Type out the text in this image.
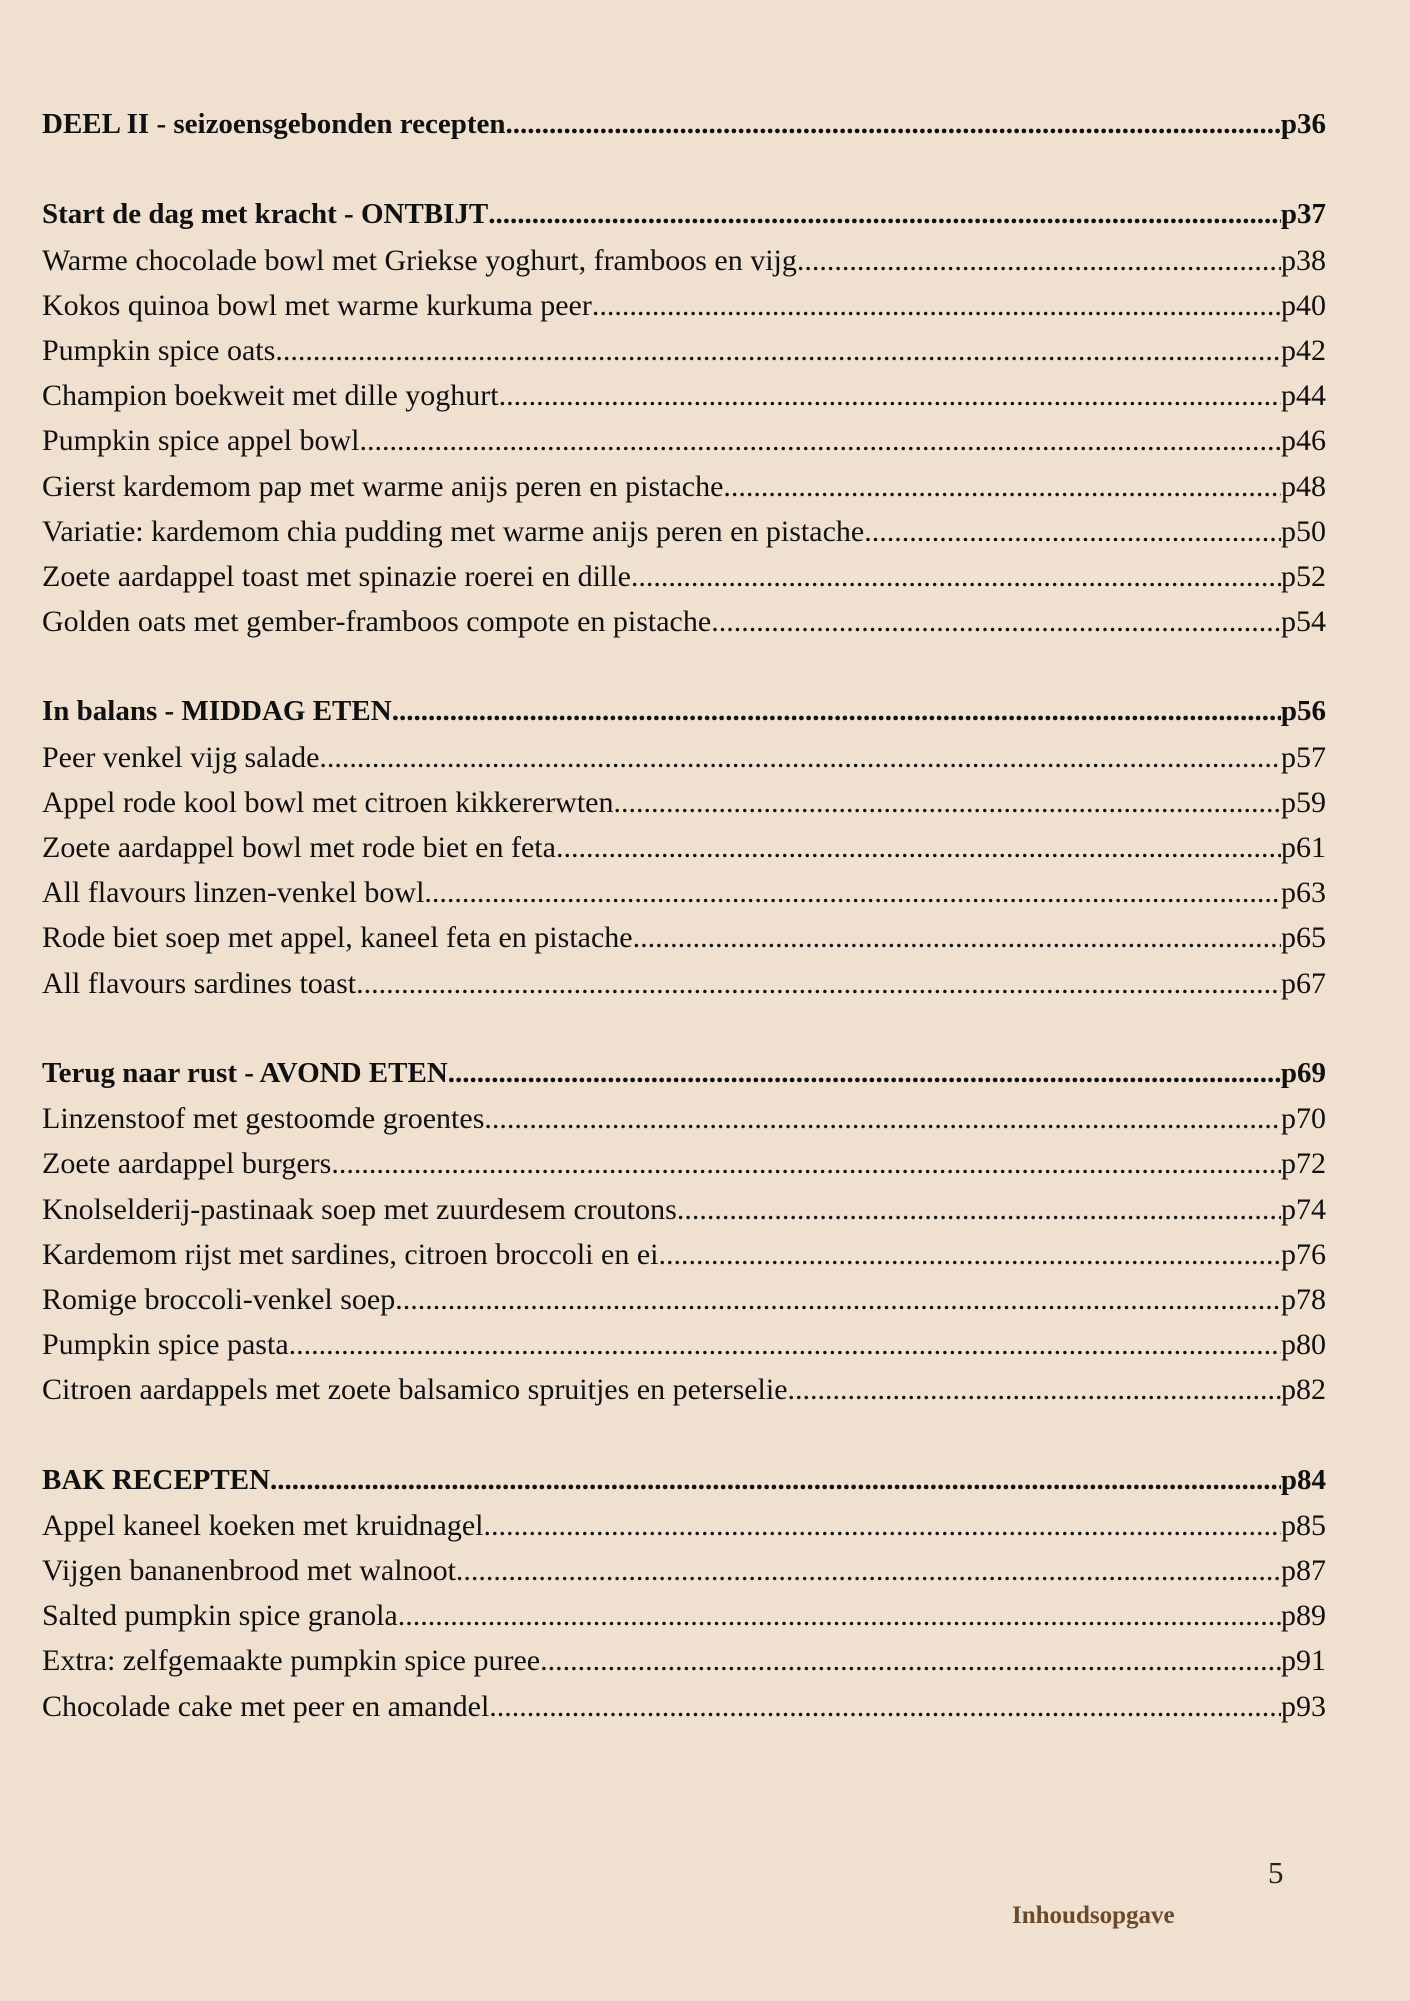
DEEL II - seizoensgebonden recepten .....	p36
Start de dag met kracht - ONTBIJT .....	p37
Warme chocolade bowl met Griekse yoghurt, framboos en vijg .....	p38
Kokos quinoa bowl met warme kurkuma peer .....	p40
Pumpkin spice oats .....	p42
Champion boekweit met dille yoghurt .....	p44
Pumpkin spice appel bowl .....	p46
Gierst kardemom pap met warme anijs peren en pistache .....	p48
Variatie: kardemom chia pudding met warme anijs peren en pistache .....	p50
Zoete aardappel toast met spinazie roerei en dille .....	p52
Golden oats met gember-framboos compote en pistache .....	p54
In balans - MIDDAG ETEN .....	p56
Peer venkel vijg salade .....	p57
Appel rode kool bowl met citroen kikkererwten .....	p59
Zoete aardappel bowl met rode biet en feta .....	p61
All flavours linzen-venkel bowl .....	p63
Rode biet soep met appel, kaneel feta en pistache .....	p65
All flavours sardines toast .....	p67
Terug naar rust - AVOND ETEN .....	p69
Linzenstoof met gestoomde groentes .....	p70
Zoete aardappel burgers .....	p72
Knolselderij-pastinaak soep met zuurdesem croutons .....	p74
Kardemom rijst met sardines, citroen broccoli en ei .....	p76
Romige broccoli-venkel soep .....	p78
Pumpkin spice pasta .....	p80
Citroen aardappels met zoete balsamico spruitjes en peterselie .....	p82
BAK RECEPTEN .....	p84
Appel kaneel koeken met kruidnagel .....	p85
Vijgen bananenbrood met walnoot .....	p87
Salted pumpkin spice granola .....	p89
Extra: zelfgemaakte pumpkin spice puree .....	p91
Chocolade cake met peer en amandel .....	p93
5
Inhoudsopgave
